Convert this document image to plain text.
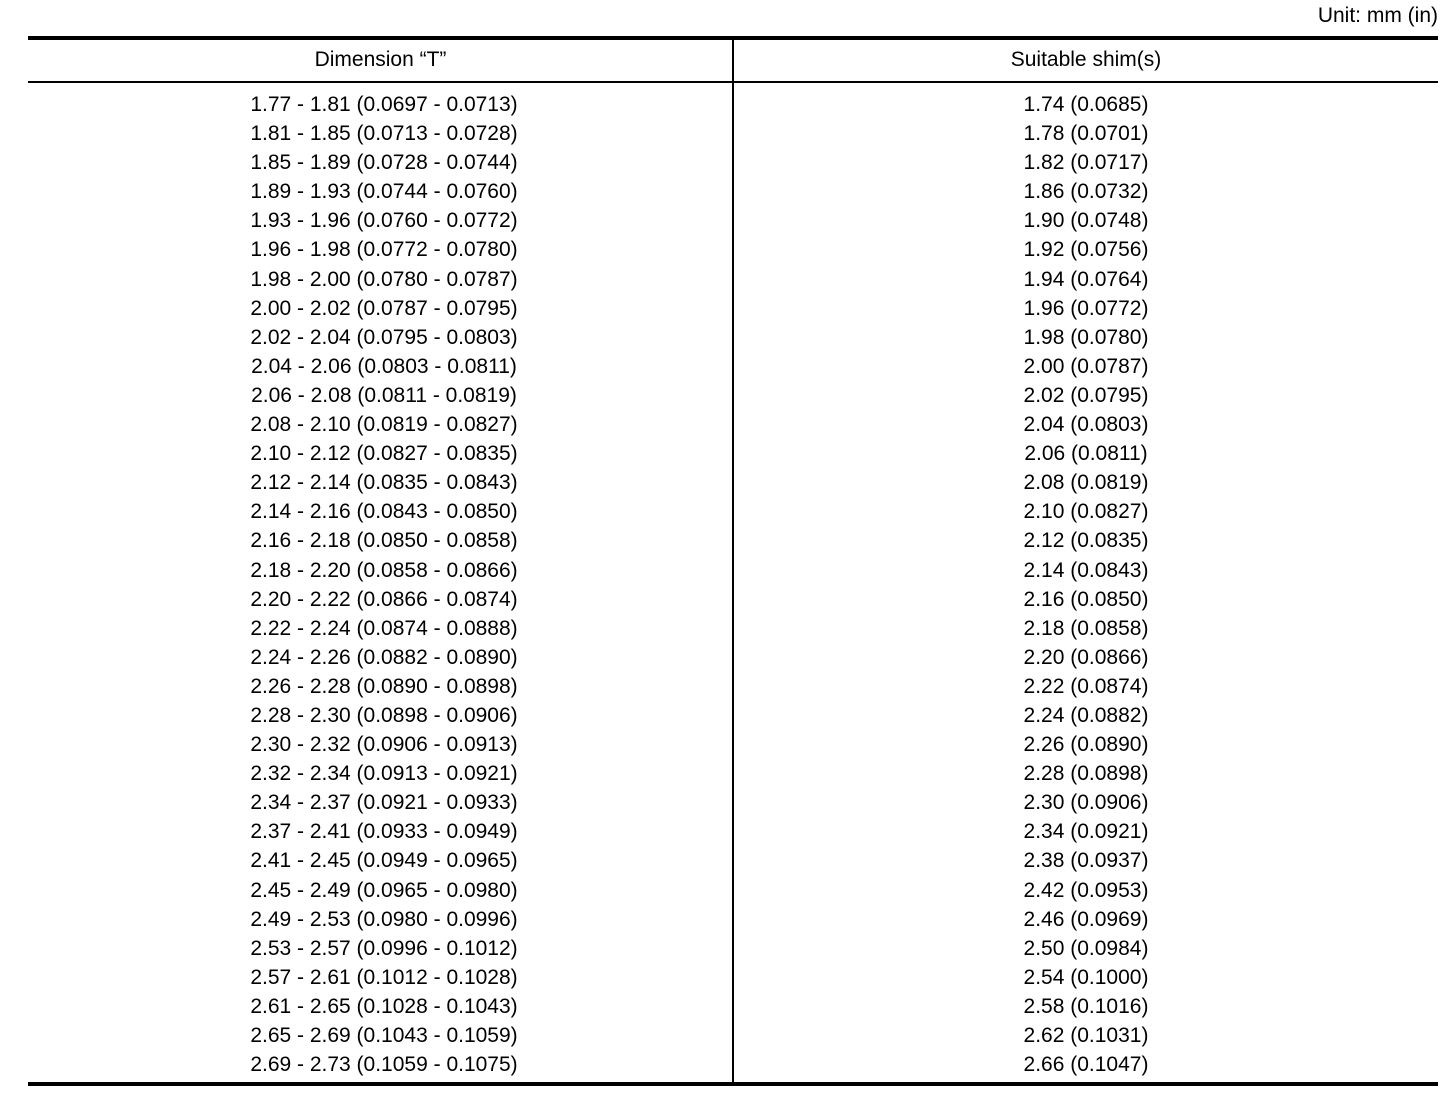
Unit: mm (in)
Dimension “T”	Suitable shim(s)
1.77 - 1.81 (0.0697 - 0.0713)	1.74 (0.0685)
1.81 - 1.85 (0.0713 - 0.0728)	1.78 (0.0701)
1.85 - 1.89 (0.0728 - 0.0744)	1.82 (0.0717)
1.89 - 1.93 (0.0744 - 0.0760)	1.86 (0.0732)
1.93 - 1.96 (0.0760 - 0.0772)	1.90 (0.0748)
1.96 - 1.98 (0.0772 - 0.0780)	1.92 (0.0756)
1.98 - 2.00 (0.0780 - 0.0787)	1.94 (0.0764)
2.00 - 2.02 (0.0787 - 0.0795)	1.96 (0.0772)
2.02 - 2.04 (0.0795 - 0.0803)	1.98 (0.0780)
2.04 - 2.06 (0.0803 - 0.0811)	2.00 (0.0787)
2.06 - 2.08 (0.0811 - 0.0819)	2.02 (0.0795)
2.08 - 2.10 (0.0819 - 0.0827)	2.04 (0.0803)
2.10 - 2.12 (0.0827 - 0.0835)	2.06 (0.0811)
2.12 - 2.14 (0.0835 - 0.0843)	2.08 (0.0819)
2.14 - 2.16 (0.0843 - 0.0850)	2.10 (0.0827)
2.16 - 2.18 (0.0850 - 0.0858)	2.12 (0.0835)
2.18 - 2.20 (0.0858 - 0.0866)	2.14 (0.0843)
2.20 - 2.22 (0.0866 - 0.0874)	2.16 (0.0850)
2.22 - 2.24 (0.0874 - 0.0888)	2.18 (0.0858)
2.24 - 2.26 (0.0882 - 0.0890)	2.20 (0.0866)
2.26 - 2.28 (0.0890 - 0.0898)	2.22 (0.0874)
2.28 - 2.30 (0.0898 - 0.0906)	2.24 (0.0882)
2.30 - 2.32 (0.0906 - 0.0913)	2.26 (0.0890)
2.32 - 2.34 (0.0913 - 0.0921)	2.28 (0.0898)
2.34 - 2.37 (0.0921 - 0.0933)	2.30 (0.0906)
2.37 - 2.41 (0.0933 - 0.0949)	2.34 (0.0921)
2.41 - 2.45 (0.0949 - 0.0965)	2.38 (0.0937)
2.45 - 2.49 (0.0965 - 0.0980)	2.42 (0.0953)
2.49 - 2.53 (0.0980 - 0.0996)	2.46 (0.0969)
2.53 - 2.57 (0.0996 - 0.1012)	2.50 (0.0984)
2.57 - 2.61 (0.1012 - 0.1028)	2.54 (0.1000)
2.61 - 2.65 (0.1028 - 0.1043)	2.58 (0.1016)
2.65 - 2.69 (0.1043 - 0.1059)	2.62 (0.1031)
2.69 - 2.73 (0.1059 - 0.1075)	2.66 (0.1047)
